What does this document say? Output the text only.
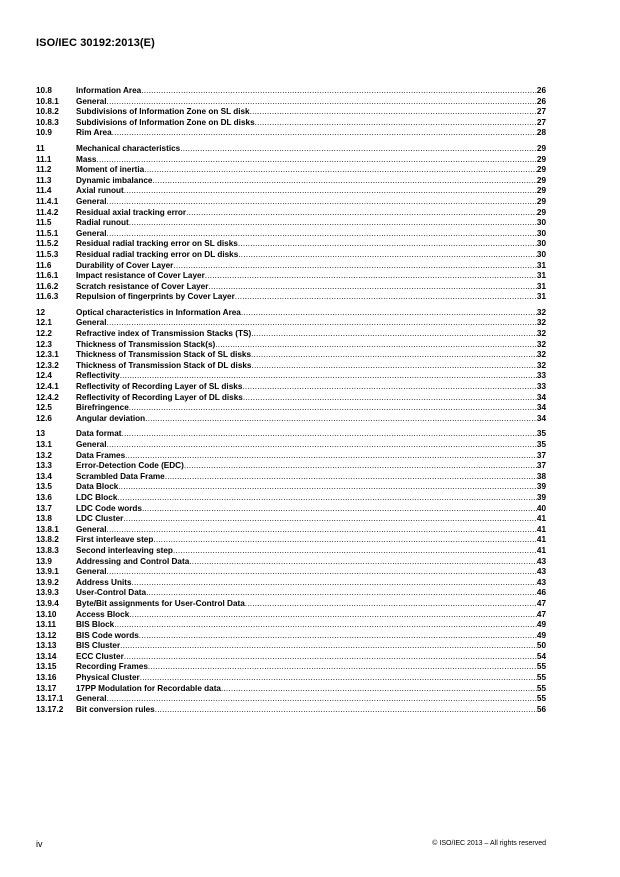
ISO/IEC 30192:2013(E)
10.8	Information Area .....	26
10.8.1	General .....	26
10.8.2	Subdivisions of Information Zone on SL disk .....	27
10.8.3	Subdivisions of Information Zone on DL disks .....	27
10.9	Rim Area .....	28
11	Mechanical characteristics .....	29
11.1	Mass .....	29
11.2	Moment of inertia .....	29
11.3	Dynamic imbalance .....	29
11.4	Axial runout .....	29
11.4.1	General .....	29
11.4.2	Residual axial tracking error .....	29
11.5	Radial runout .....	30
11.5.1	General .....	30
11.5.2	Residual radial tracking error on SL disks .....	30
11.5.3	Residual radial tracking error on DL disks .....	30
11.6	Durability of Cover Layer .....	31
11.6.1	Impact resistance of Cover Layer .....	31
11.6.2	Scratch resistance of Cover Layer .....	31
11.6.3	Repulsion of fingerprints by Cover Layer .....	31
12	Optical characteristics in Information Area .....	32
12.1	General .....	32
12.2	Refractive index of Transmission Stacks (TS) .....	32
12.3	Thickness of Transmission Stack(s) .....	32
12.3.1	Thickness of Transmission Stack of SL disks .....	32
12.3.2	Thickness of Transmission Stack of DL disks .....	32
12.4	Reflectivity .....	33
12.4.1	Reflectivity of Recording Layer of SL disks .....	33
12.4.2	Reflectivity of Recording Layer of DL disks .....	34
12.5	Birefringence .....	34
12.6	Angular deviation .....	34
13	Data format .....	35
13.1	General .....	35
13.2	Data Frames .....	37
13.3	Error-Detection Code (EDC) .....	37
13.4	Scrambled Data Frame .....	38
13.5	Data Block .....	39
13.6	LDC Block .....	39
13.7	LDC Code words .....	40
13.8	LDC Cluster .....	41
13.8.1	General .....	41
13.8.2	First interleave step .....	41
13.8.3	Second interleaving step .....	41
13.9	Addressing and Control Data .....	43
13.9.1	General .....	43
13.9.2	Address Units .....	43
13.9.3	User-Control Data .....	46
13.9.4	Byte/Bit assignments for User-Control Data .....	47
13.10	Access Block .....	47
13.11	BIS Block .....	49
13.12	BIS Code words .....	49
13.13	BIS Cluster .....	50
13.14	ECC Cluster .....	54
13.15	Recording Frames .....	55
13.16	Physical Cluster .....	55
13.17	17PP Modulation for Recordable data .....	55
13.17.1	General .....	55
13.17.2	Bit conversion rules .....	56
iv	© ISO/IEC 2013 – All rights reserved
